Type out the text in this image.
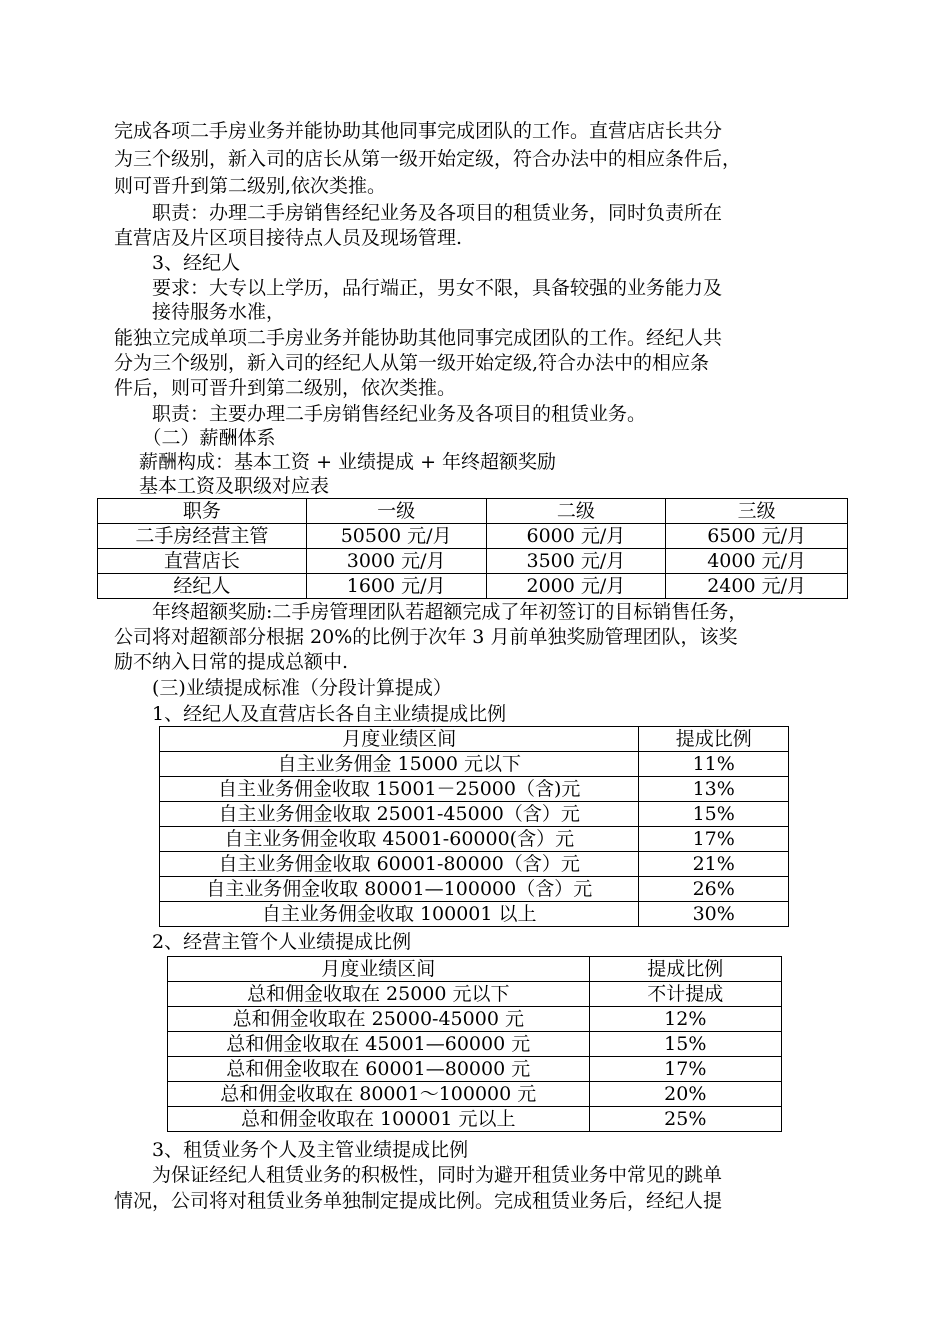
完成各项二手房业务并能协助其他同事完成团队的工作。直营店店长共分
为三个级别，新入司的店长从第一级开始定级，符合办法中的相应条件后，
则可晋升到第二级别,依次类推。
　　职责：办理二手房销售经纪业务及各项目的租赁业务，同时负责所在
直营店及片区项目接待点人员及现场管理.
　　3、经纪人
　　要求：大专以上学历，品行端正，男女不限，具备较强的业务能力及
　　接待服务水准，
能独立完成单项二手房业务并能协助其他同事完成团队的工作。经纪人共
分为三个级别，新入司的经纪人从第一级开始定级,符合办法中的相应条
件后，则可晋升到第二级别，依次类推。
　　职责：主要办理二手房销售经纪业务及各项目的租赁业务。
　　（二）薪酬体系
　 薪酬构成：基本工资 + 业绩提成 + 年终超额奖励
　 基本工资及职级对应表
职务	一级	二级	三级
二手房经营主管	50500 元/月	6000 元/月	6500 元/月
直营店长	3000 元/月	3500 元/月	4000 元/月
经纪人	1600 元/月	2000 元/月	2400 元/月
　　年终超额奖励:二手房管理团队若超额完成了年初签订的目标销售任务，
公司将对超额部分根据 20%的比例于次年 3 月前单独奖励管理团队，该奖
励不纳入日常的提成总额中.
　　(三)业绩提成标准（分段计算提成）
　　1、经纪人及直营店长各自主业绩提成比例
月度业绩区间	提成比例
自主业务佣金 15000 元以下	11%
自主业务佣金收取 15001－25000（含)元	13%
自主业务佣金收取 25001-45000（含）元	15%
自主业务佣金收取 45001-60000(含）元	17%
自主业务佣金收取 60001-80000（含）元	21%
自主业务佣金收取 80001—100000（含）元	26%
自主业务佣金收取 100001 以上	30%
　　2、经营主管个人业绩提成比例
月度业绩区间	提成比例
总和佣金收取在 25000 元以下	不计提成
总和佣金收取在 25000-45000 元	12%
总和佣金收取在 45001—60000 元	15%
总和佣金收取在 60001—80000 元	17%
总和佣金收取在 80001～100000 元	20%
总和佣金收取在 100001 元以上	25%
　　3、租赁业务个人及主管业绩提成比例
　　为保证经纪人租赁业务的积极性，同时为避开租赁业务中常见的跳单
情况，公司将对租赁业务单独制定提成比例。完成租赁业务后，经纪人提
